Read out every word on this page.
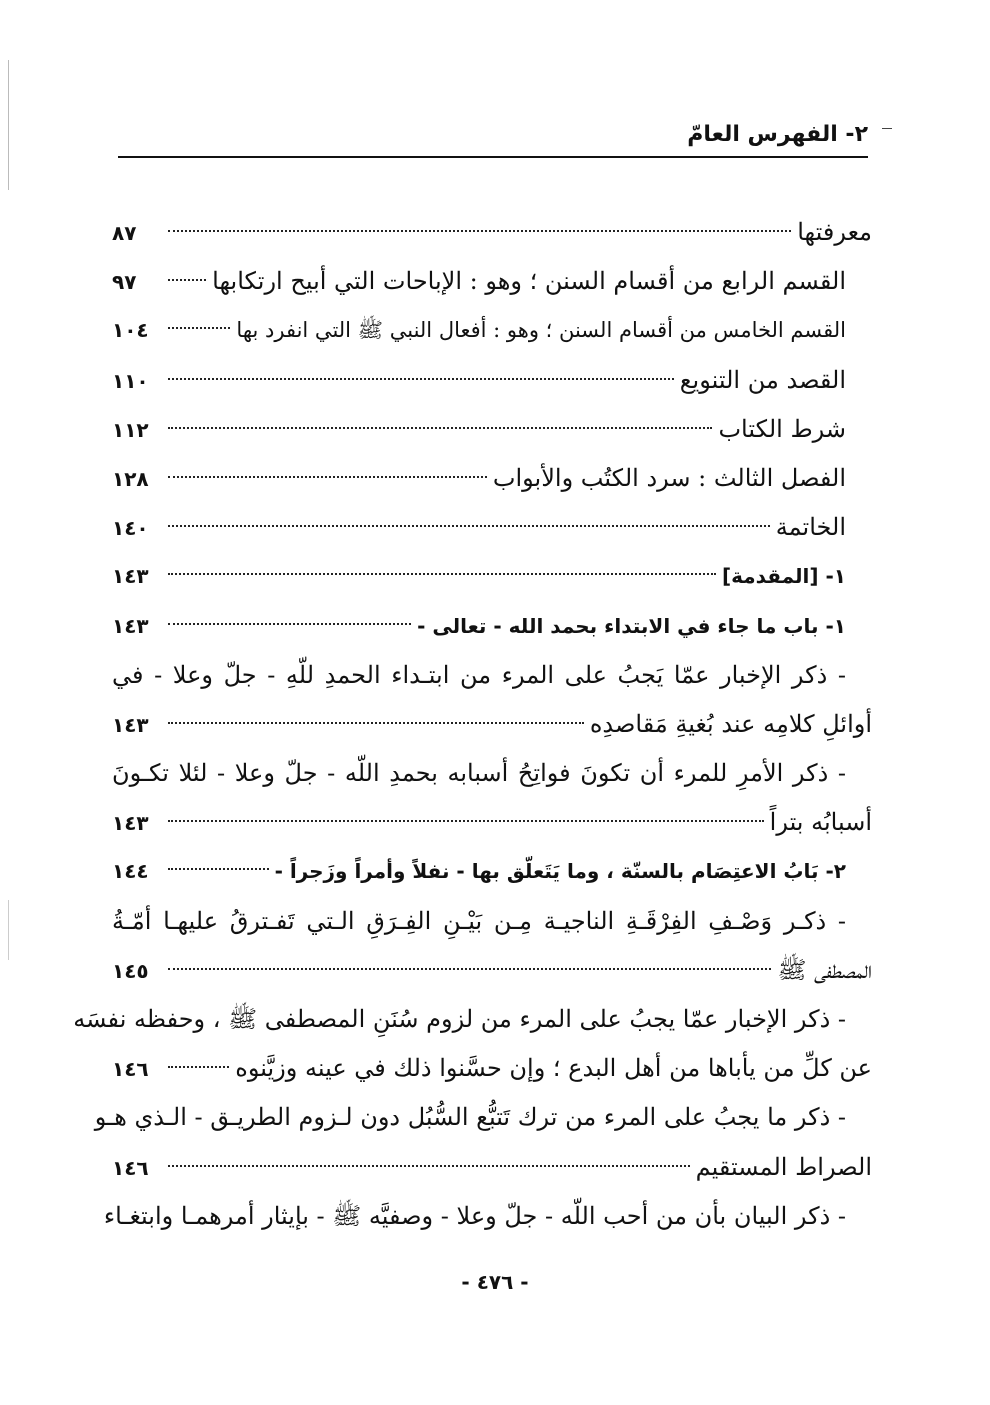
٢- الفهرس العامّ
معرفتها
٨٧
القسم الرابع من أقسام السنن ؛ وهو : الإباحات التي أبيح ارتكابها
٩٧
القسم الخامس من أقسام السنن ؛ وهو : أفعال النبي ﷺ التي انفرد بها
١٠٤
القصد من التنويع
١١٠
شرط الكتاب
١١٢
الفصل الثالث : سرد الكتُب والأبواب
١٢٨
الخاتمة
١٤٠
١- [المقدمة]
١٤٣
١- باب ما جاء في الابتداء بحمد الله - تعالى -
١٤٣
- ذكر الإخبار عمّا يَجبُ على المرء من ابتـداء الحمدِ للّهِ - جلّ وعلا - في
أوائلِ كلامِه عند بُغيةِ مَقاصدِه
١٤٣
- ذكر الأمرِ للمرء أن تكونَ فواتِحُ أسبابه بحمدِ اللّه - جلّ وعلا - لئلا تكـونَ
أسبابُه بتراً
١٤٣
٢- بَابُ الاعتِصَام بالسنّة ، وما يَتَعلّق بها - نفلاً وأمراً وزَجراً -
١٤٤
- ذكـر وَصْـفِ الفِرْقَـةِ الناجيـة مِـن بَيْـنِ الفِـرَقِ الـتي تَفـترقُ عليهـا أمّـةُ
المصطفى ﷺ
١٤٥
- ذكر الإخبار عمّا يجبُ على المرء من لزوم سُنَنِ المصطفى ﷺ ، وحفظه نفسَه
عن كلِّ من يأباها من أهل البدع ؛ وإن حسَّنوا ذلك في عينه وزيَّنوه
١٤٦
- ذكر ما يجبُ على المرء من ترك تَتبُّع السُّبُل دون لـزوم الطريـق - الـذي هـو
الصراط المستقيم
١٤٦
- ذكر البيان بأن من أحب اللّه - جلّ وعلا - وصفيَّه ﷺ - بإيثار أمرهمـا وابتغـاء
- ٤٧٦ -
